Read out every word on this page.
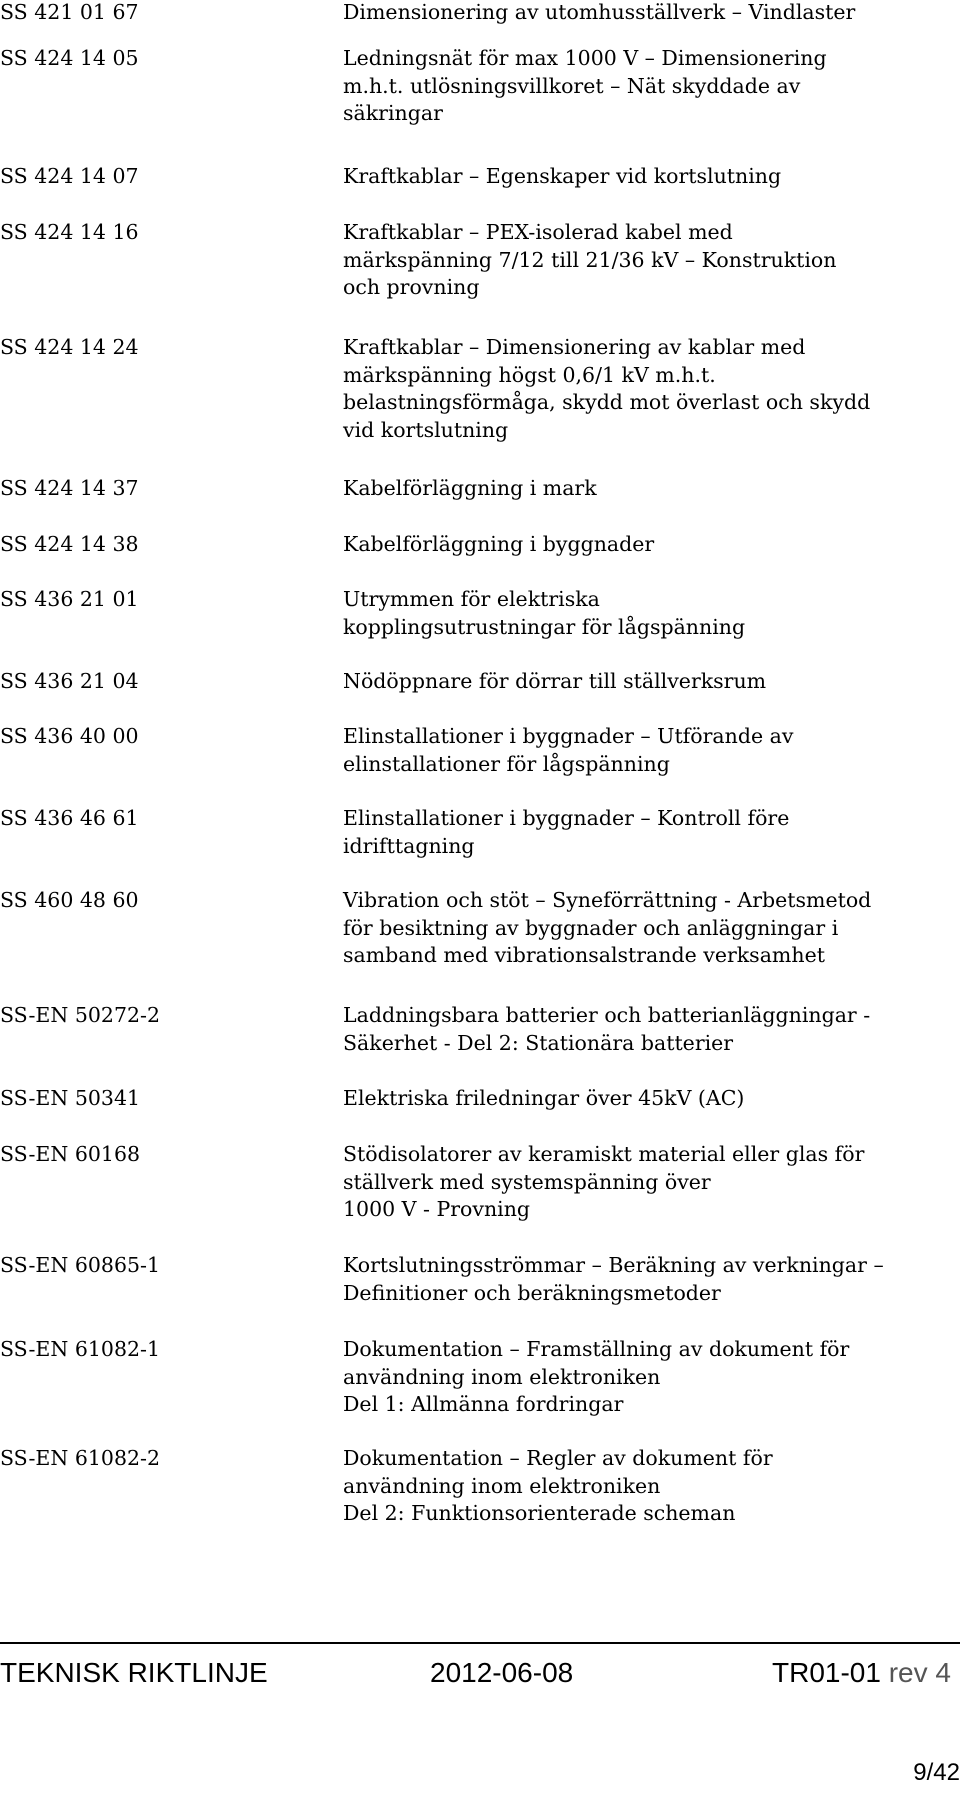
SS 421 01 67	Dimensionering av utomhusställverk – Vindlaster
SS 424 14 05	Ledningsnät för max 1000 V – Dimensionering
m.h.t. utlösningsvillkoret – Nät skyddade av
säkringar
SS 424 14 07	Kraftkablar – Egenskaper vid kortslutning
SS 424 14 16	Kraftkablar – PEX-isolerad kabel med
märkspänning 7/12 till 21/36 kV – Konstruktion
och provning
SS 424 14 24	Kraftkablar – Dimensionering av kablar med
märkspänning högst 0,6/1 kV m.h.t.
belastningsförmåga, skydd mot överlast och skydd
vid kortslutning
SS 424 14 37	Kabelförläggning i mark
SS 424 14 38	Kabelförläggning i byggnader
SS 436 21 01	Utrymmen för elektriska
kopplingsutrustningar för lågspänning
SS 436 21 04	Nödöppnare för dörrar till ställverksrum
SS 436 40 00	Elinstallationer i byggnader – Utförande av
elinstallationer för lågspänning
SS 436 46 61	Elinstallationer i byggnader – Kontroll före
idrifttagning
SS 460 48 60	Vibration och stöt – Syneförrättning - Arbetsmetod
för besiktning av byggnader och anläggningar i
samband med vibrationsalstrande verksamhet
SS-EN 50272-2	Laddningsbara batterier och batterianläggningar -
Säkerhet - Del 2: Stationära batterier
SS-EN 50341	Elektriska friledningar över 45kV (AC)
SS-EN 60168	Stödisolatorer av keramiskt material eller glas för
ställverk med systemspänning över
1000 V - Provning
SS-EN 60865-1	Kortslutningsströmmar – Beräkning av verkningar –
Definitioner och beräkningsmetoder
SS-EN 61082-1	Dokumentation – Framställning av dokument för
användning inom elektroniken
Del 1: Allmänna fordringar
SS-EN 61082-2	Dokumentation – Regler av dokument för
användning inom elektroniken
Del 2: Funktionsorienterade scheman
TEKNISK RIKTLINJE	2012-06-08	TR01-01 rev 4
9/42
